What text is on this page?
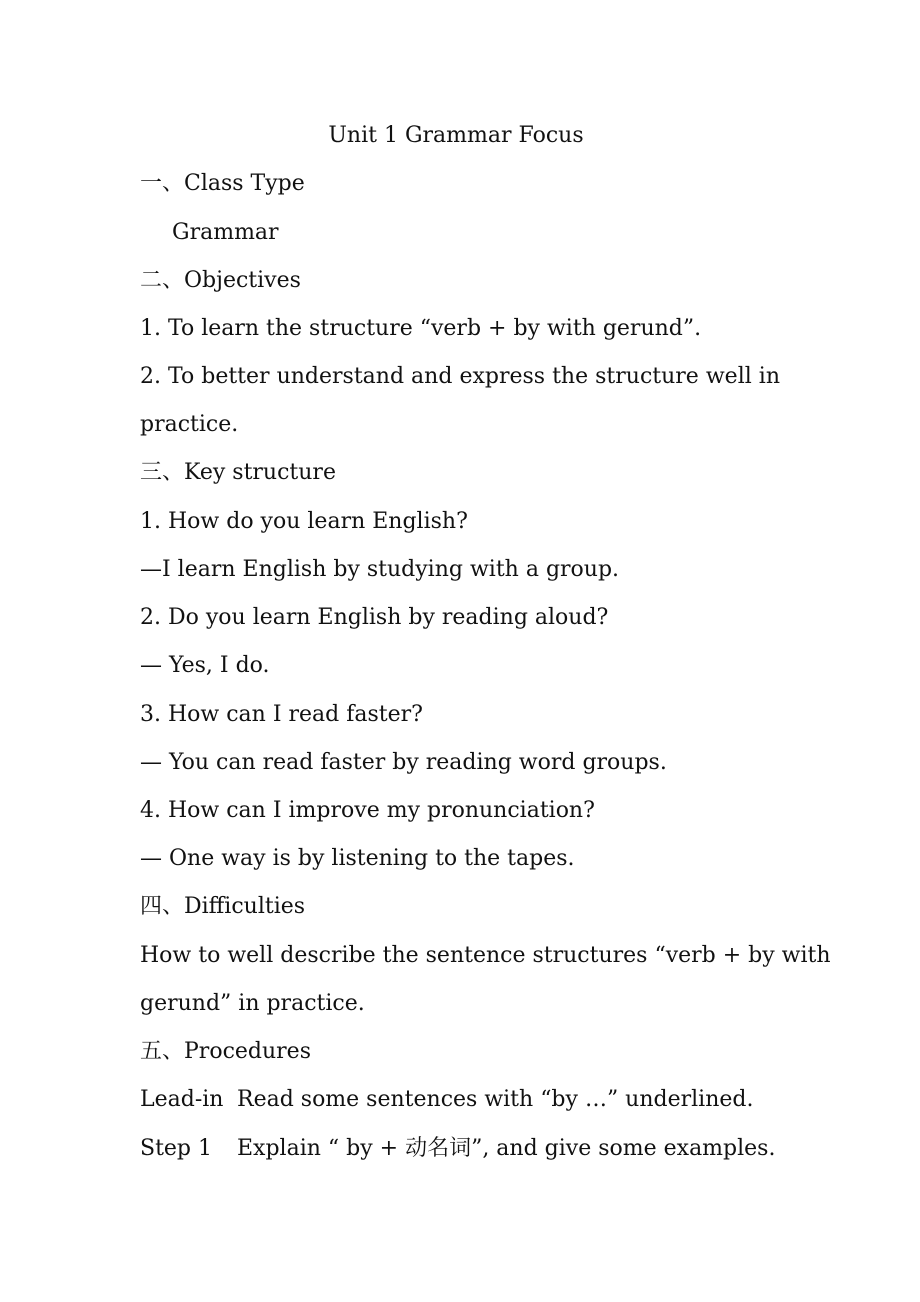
Unit 1 Grammar Focus
一、Class Type
Grammar
二、Objectives
1. To learn the structure “verb + by with gerund”.
2. To better understand and express the structure well in
practice.
三、Key structure
1. How do you learn English?
—I learn English by studying with a group.
2. Do you learn English by reading aloud?
— Yes, I do.
3. How can I read faster?
— You can read faster by reading word groups.
4. How can I improve my pronunciation?
— One way is by listening to the tapes.
四、Difficulties
How to well describe the sentence structures “verb + by with
gerund” in practice.
五、Procedures
Lead-in Read some sentences with “by …” underlined.
Step 1 Explain “ by + 动名词”, and give some examples.
